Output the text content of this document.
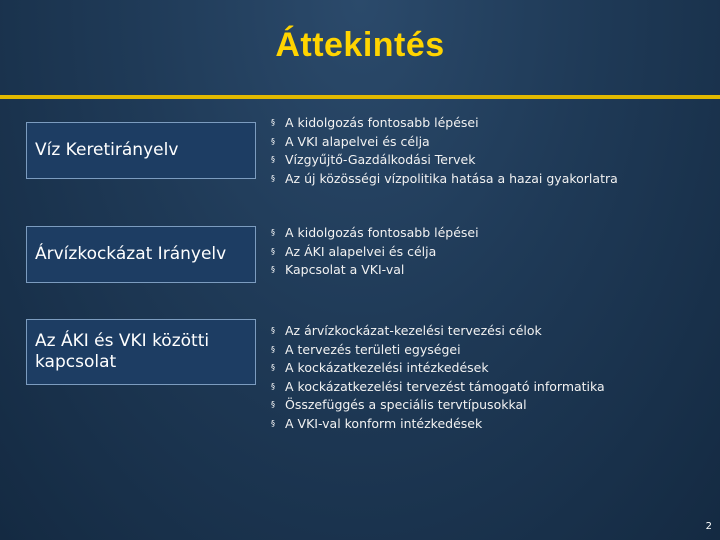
Áttekintés
Víz Keretirányelv
§ A kidolgozás fontosabb lépései
§ A VKI alapelvei és célja
§ Vízgyűjtő-Gazdálkodási Tervek
§ Az új közösségi vízpolitika hatása a hazai gyakorlatra
Árvízkockázat Irányelv
§ A kidolgozás fontosabb lépései
§ Az ÁKI alapelvei és célja
§ Kapcsolat a VKI-val
Az ÁKI és VKI közötti kapcsolat
§ Az árvízkockázat-kezelési tervezési célok
§ A tervezés területi egységei
§ A kockázatkezelési intézkedések
§ A kockázatkezelési tervezést támogató informatika
§ Összefüggés a speciális tervtípusokkal
§ A VKI-val konform intézkedések
2
